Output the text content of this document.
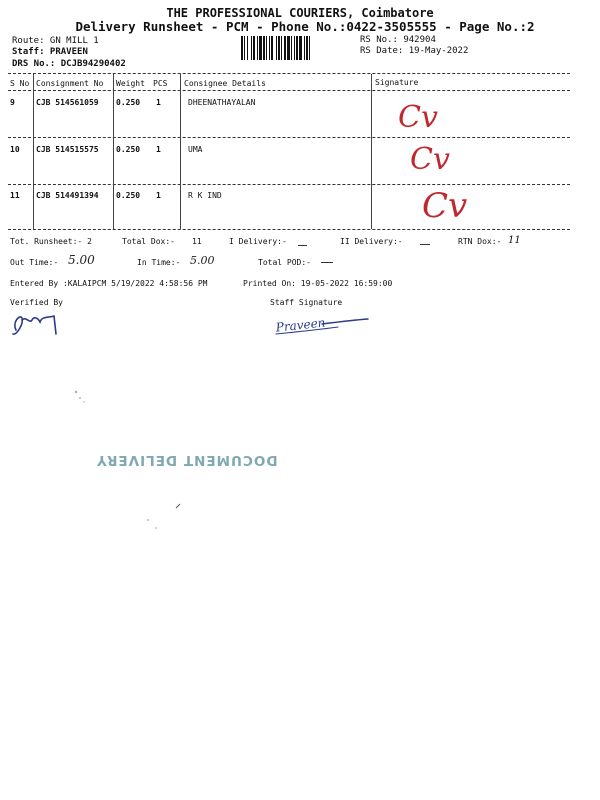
THE PROFESSIONAL COURIERS, Coimbatore
Delivery Runsheet - PCM - Phone No.:0422-3505555 - Page No.:2
Route: GN MILL 1
Staff: PRAVEEN
DRS No.: DCJB94290402
RS No.: 942904
RS Date: 19-May-2022
S No Consignment No Weight PCS Consignee Details	Signature
9	CJB 514561059 0.250 1	DHEENATHAYALAN	Cv
10 CJB 514515575 0.250 1	UMA	Cv
11 CJB 514491394 0.250 1	R K IND	Cv
Tot. Runsheet:- 2	Total Dox:- 11	I Delivery:-	II Delivery:-	RTN Dox:- 11
Out Time:- 5.00	In Time:- 5.00	Total POD:-
Entered By :KALAIPCM 5/19/2022 4:58:56 PM	Printed On: 19-05-2022 16:59:00
Verified By	Staff Signature
Praveen
DOCUMENT DELIVERY
